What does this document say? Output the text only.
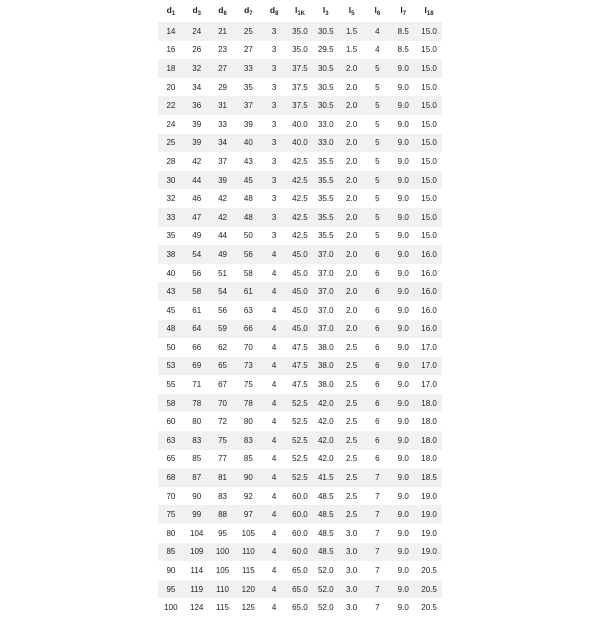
$d_1$	$d_3$	$d_6$	$d_7$	$d_8$	$l_{1K}$	$l_3$	$l_5$	$l_6$	$l_7$	$l_{18}$
14	24	21	25	3	35.0	30.5	1.5	4	8.5	15.0
16	26	23	27	3	35.0	29.5	1.5	4	8.5	15.0
18	32	27	33	3	37.5	30.5	2.0	5	9.0	15.0
20	34	29	35	3	37.5	30.5	2.0	5	9.0	15.0
22	36	31	37	3	37.5	30.5	2.0	5	9.0	15.0
24	39	33	39	3	40.0	33.0	2.0	5	9.0	15.0
25	39	34	40	3	40.0	33.0	2.0	5	9.0	15.0
28	42	37	43	3	42.5	35.5	2.0	5	9.0	15.0
30	44	39	45	3	42.5	35.5	2.0	5	9.0	15.0
32	46	42	48	3	42.5	35.5	2.0	5	9.0	15.0
33	47	42	48	3	42.5	35.5	2.0	5	9.0	15.0
35	49	44	50	3	42.5	35.5	2.0	5	9.0	15.0
38	54	49	56	4	45.0	37.0	2.0	6	9.0	16.0
40	56	51	58	4	45.0	37.0	2.0	6	9.0	16.0
43	58	54	61	4	45.0	37.0	2.0	6	9.0	16.0
45	61	56	63	4	45.0	37.0	2.0	6	9.0	16.0
48	64	59	66	4	45.0	37.0	2.0	6	9.0	16.0
50	66	62	70	4	47.5	38.0	2.5	6	9.0	17.0
53	69	65	73	4	47.5	38.0	2.5	6	9.0	17.0
55	71	67	75	4	47.5	38.0	2.5	6	9.0	17.0
58	78	70	78	4	52.5	42.0	2.5	6	9.0	18.0
60	80	72	80	4	52.5	42.0	2.5	6	9.0	18.0
63	83	75	83	4	52.5	42.0	2.5	6	9.0	18.0
65	85	77	85	4	52.5	42.0	2.5	6	9.0	18.0
68	87	81	90	4	52.5	41.5	2.5	7	9.0	18.5
70	90	83	92	4	60.0	48.5	2.5	7	9.0	19.0
75	99	88	97	4	60.0	48.5	2.5	7	9.0	19.0
80	104	95	105	4	60.0	48.5	3.0	7	9.0	19.0
85	109	100	110	4	60.0	48.5	3.0	7	9.0	19.0
90	114	105	115	4	65.0	52.0	3.0	7	9.0	20.5
95	119	110	120	4	65.0	52.0	3.0	7	9.0	20.5
100	124	115	125	4	65.0	52.0	3.0	7	9.0	20.5
